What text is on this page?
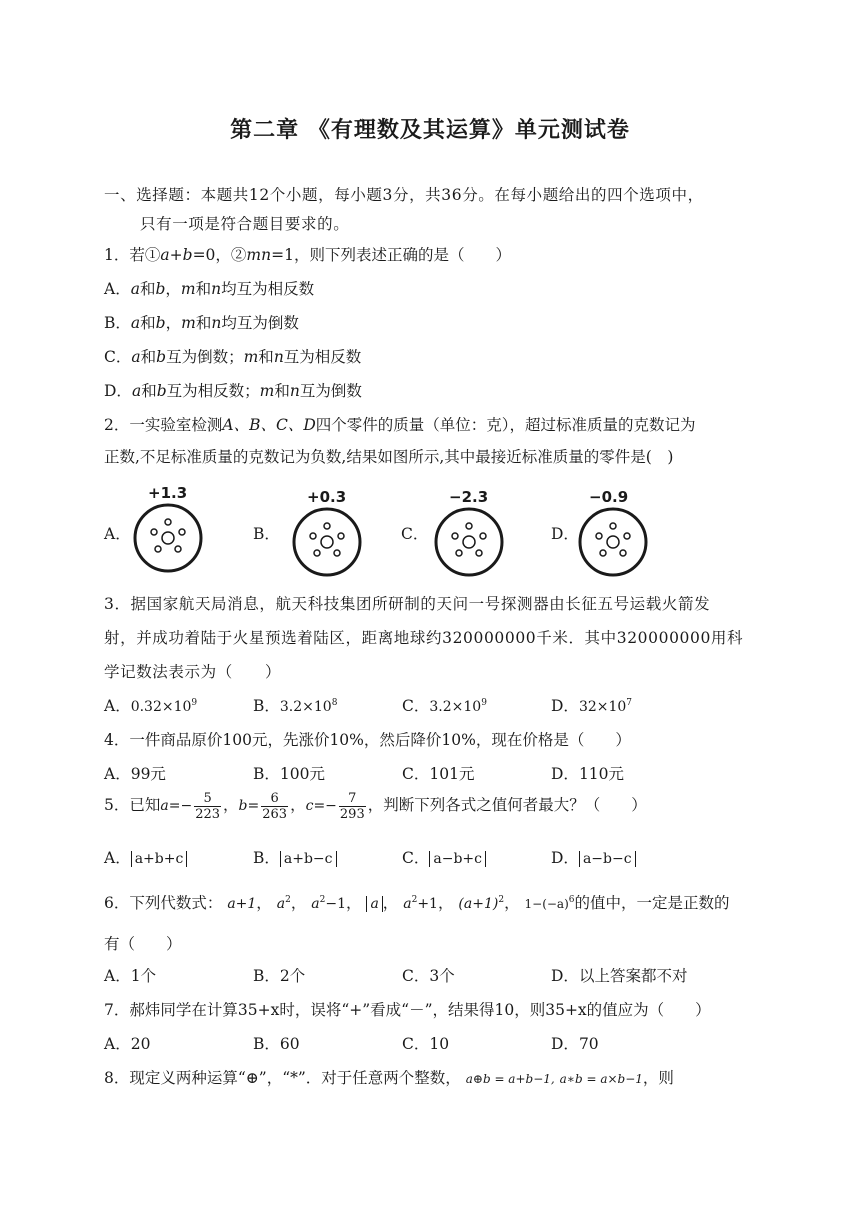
第二章 《有理数及其运算》单元测试卷
一、选择题：本题共12个小题，每小题3分，共36分。在每小题给出的四个选项中，
只有一项是符合题目要求的。
1．若①a+b=0，②mn=1，则下列表述正确的是（　　）
A．a和b，m和n均互为相反数
B．a和b，m和n均互为倒数
C．a和b互为倒数；m和n互为相反数
D．a和b互为相反数；m和n互为倒数
2．一实验室检测A、B、C、D四个零件的质量（单位：克），超过标准质量的克数记为
正数,不足标准质量的克数记为负数,结果如图所示,其中最接近标准质量的零件是(　)
A．
+1.3
B．
+0.3
C．
−2.3
D．
−0.9
3．据国家航天局消息，航天科技集团所研制的天问一号探测器由长征五号运载火箭发
射，并成功着陆于火星预选着陆区，距离地球约320000000千米．其中320000000用科
学记数法表示为（　　）
A．$0.32\times 10^9$	B．$3.2\times 10^8$	C．$3.2\times 10^9$	D．$32\times 10^7$
4．一件商品原价100元，先涨价10%，然后降价10%，现在价格是（　　）
A．99元	B．100元	C．101元	D．110元
5．已知$a=- \frac{5}{223}$ ，$b= \frac{6}{263}$ ，$c=- \frac{7}{293}$ ，判断下列各式之值何者最大？（　　）
A． a+b+c	B． a+b−c	C． a−b+c	D． a−b−c
6．下列代数式： a+1， $a^2$， $a^2-1$， a ， $a^2+1$， $(a+1)^2$， $1-(-a)^6$的值中，一定是正数的
有（　　）
A．1个	B．2个	C．3个	D．以上答案都不对
7．郝炜同学在计算35+x时，误将“+”看成“－”，结果得10，则35+x的值应为（　　）
A．20	B．60	C．10	D．70
8．现定义两种运算“⊕”，“*”．对于任意两个整数， a⊕b = a+b−1, a∗b = a×b−1，则
